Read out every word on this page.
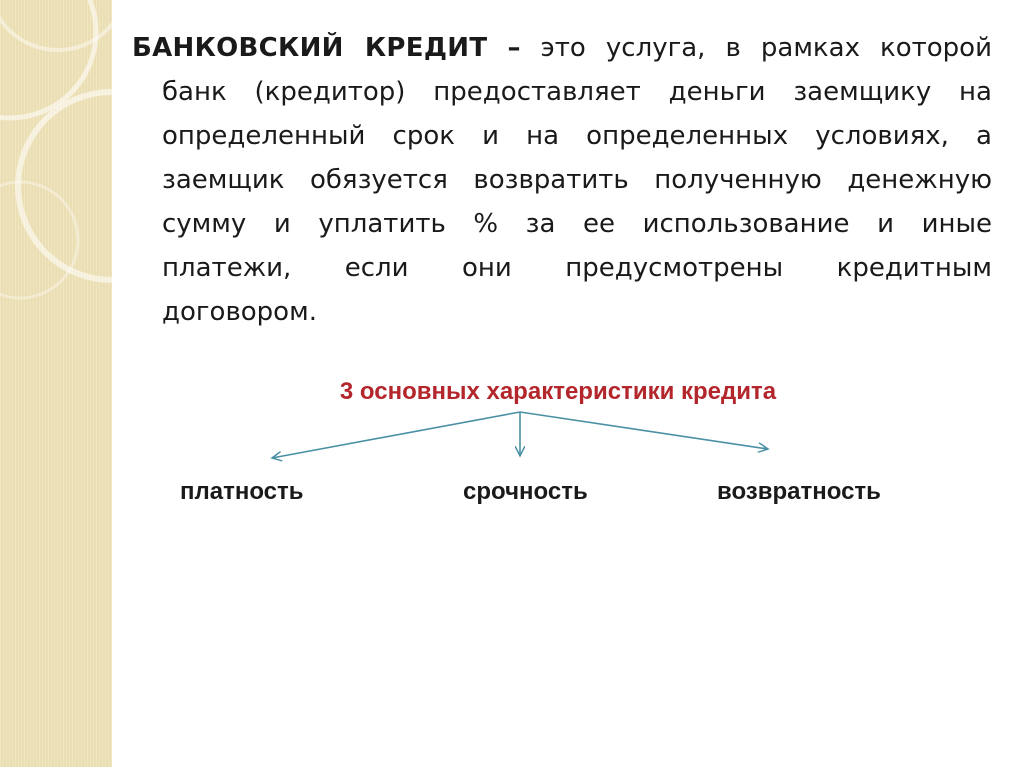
БАНКОВСКИЙ КРЕДИТ – это услуга, в рамках которой
банк (кредитор) предоставляет деньги заемщику на
определенный срок и на определенных условиях, а
заемщик обязуется возвратить полученную денежную
сумму и уплатить % за ее использование и иные
платежи, если они предусмотрены кредитным
договором.
3 основных характеристики кредита
платность	срочность	возвратность
